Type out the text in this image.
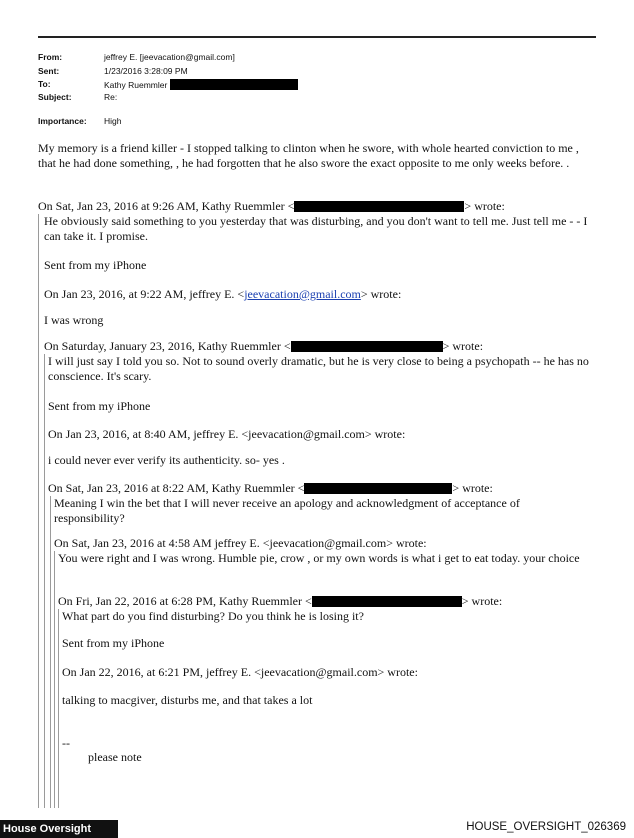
From:	jeffrey E. [jeevacation@gmail.com]
Sent:	1/23/2016 3:28:09 PM
To:	Kathy Ruemmler
Subject:	Re:
Importance: High
My memory is a friend killer - I stopped talking to clinton when he swore, with whole hearted conviction to me , that he had done something, , he had forgotten that he also swore the exact opposite to me only weeks before. .
On Sat, Jan 23, 2016 at 9:26 AM, Kathy Ruemmler <	> wrote:
He obviously said something to you yesterday that was disturbing, and you don't want to tell me. Just tell me - - I can take it. I promise.
Sent from my iPhone
On Jan 23, 2016, at 9:22 AM, jeffrey E. <jeevacation@gmail.com> wrote:
I was wrong
On Saturday, January 23, 2016, Kathy Ruemmler <	> wrote:
I will just say I told you so. Not to sound overly dramatic, but he is very close to being a psychopath -- he has no conscience. It's scary.
Sent from my iPhone
On Jan 23, 2016, at 8:40 AM, jeffrey E. <jeevacation@gmail.com> wrote:
i could never ever verify its authenticity. so- yes .
On Sat, Jan 23, 2016 at 8:22 AM, Kathy Ruemmler <	> wrote:
Meaning I win the bet that I will never receive an apology and acknowledgment of acceptance of responsibility?
On Sat, Jan 23, 2016 at 4:58 AM jeffrey E. <jeevacation@gmail.com> wrote:
You were right and I was wrong. Humble pie, crow , or my own words is what i get to eat today. your choice
On Fri, Jan 22, 2016 at 6:28 PM, Kathy Ruemmler <	> wrote:
What part do you find disturbing? Do you think he is losing it?
Sent from my iPhone
On Jan 22, 2016, at 6:21 PM, jeffrey E. <jeevacation@gmail.com> wrote:
talking to macgiver, disturbs me, and that takes a lot
--
please note
House Oversight	HOUSE_OVERSIGHT_026369
